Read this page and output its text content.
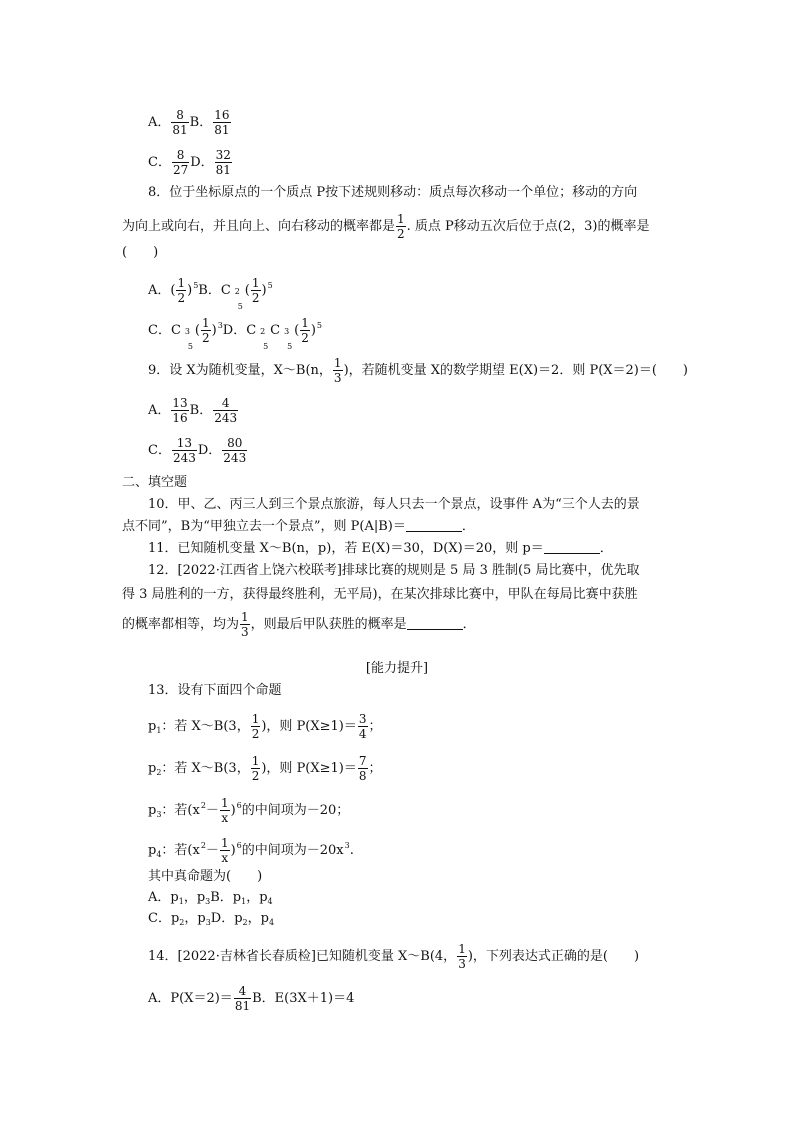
A． $\frac{8}{81}$ B． $\frac{16}{81}$
C． $\frac{8}{27}$ D． $\frac{32}{81}$
8．位于坐标原点的一个质点 P按下述规则移动：质点每次移动一个单位；移动的方向
为向上或向右，并且向上、向右移动的概率都是 $\frac{1}{2}$ . 质点 P移动五次后位于点(2，3)的概率是
(　　)
A．( $\frac{1}{2} )^5B$．C 2
5
( $\frac{1}{2} )^5$
C．C 3
5
( $\frac{1}{2} )^3D$．C 2
5
C 3
5
( $\frac{1}{2} )^5$
9．设 X为随机变量，X～B(n， $\frac{1}{3}$ )，若随机变量 X的数学期望 E(X)＝2．则 P(X＝2)＝(　　)
A． $\frac{13}{16}$ B． $\frac{4}{243}$
C． $\frac{13}{243}$ D． $\frac{80}{243}$
二、填空题
10．甲、乙、丙三人到三个景点旅游，每人只去一个景点，设事件 A为“三个人去的景
点不同”，B为“甲独立去一个景点”，则 P(A|B)＝	．
11．已知随机变量 X～B(n，p)，若 E(X)＝30，D(X)＝20，则 p＝	．
12．[2022·江西省上饶六校联考]排球比赛的规则是 5 局 3 胜制(5 局比赛中，优先取
得 3 局胜利的一方，获得最终胜利，无平局)，在某次排球比赛中，甲队在每局比赛中获胜
的概率都相等，均为 $\frac{1}{3}$ ，则最后甲队获胜的概率是	．
[能力提升]
13．设有下面四个命题
$p_1$：若 X～B(3， $\frac{1}{2}$ )，则 $P(X\ge 1)= \frac{3}{4}$ ；
$p_2$：若 X～B(3， $\frac{1}{2}$ )，则 $P(X\ge 1)= \frac{7}{8}$ ；
$p_3$：若$(x^2- \frac{1}{x} )^6$的中间项为－20；
$p_4$：若$(x^2- \frac{1}{x} )^6$的中间项为$-20x^3$.
其中真命题为(　　)
A．$p_1$，$p_3B$．$p_1$，$p_4$
C．$p_2$，$p_3D$．$p_2$，$p_4$
14．[2022·吉林省长春质检]已知随机变量 X～B(4， $\frac{1}{3}$ )，下列表达式正确的是(　　)
A．$P(X=2)= \frac{4}{81}$ B．E(3X＋1)＝4
